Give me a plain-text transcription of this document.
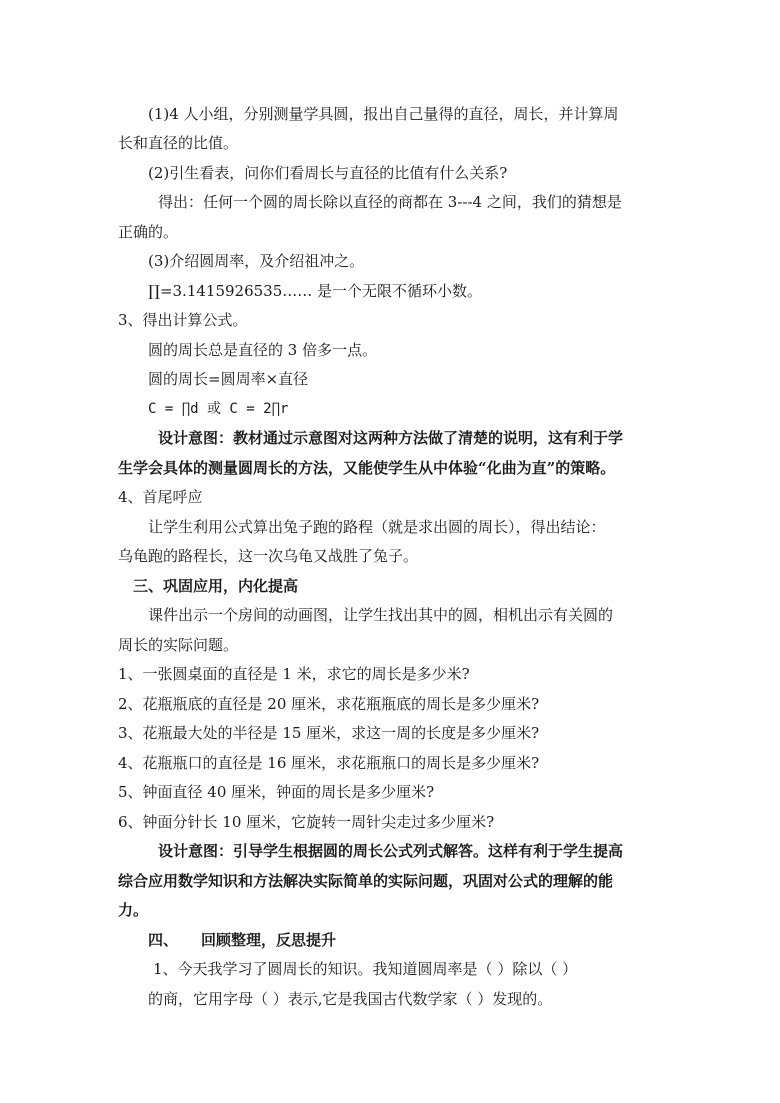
(1)4 人小组，分别测量学具圆，报出自己量得的直径，周长，并计算周
长和直径的比值。
(2)引生看表，问你们看周长与直径的比值有什么关系?
得出：任何一个圆的周长除以直径的商都在 3---4 之间，我们的猜想是
正确的。
(3)介绍圆周率，及介绍祖冲之。
∏=3.1415926535…… 是一个无限不循环小数。
3、得出计算公式。
圆的周长总是直径的 3 倍多一点。
圆的周长=圆周率×直径
C = ∏d 或 C = 2∏r
设计意图：教材通过示意图对这两种方法做了清楚的说明，这有利于学
生学会具体的测量圆周长的方法，又能使学生从中体验“化曲为直”的策略。
4、首尾呼应
让学生利用公式算出兔子跑的路程（就是求出圆的周长），得出结论：
乌龟跑的路程长，这一次乌龟又战胜了兔子。
三、巩固应用，内化提高
课件出示一个房间的动画图，让学生找出其中的圆，相机出示有关圆的
周长的实际问题。
1、一张圆桌面的直径是 1 米，求它的周长是多少米?
2、花瓶瓶底的直径是 20 厘米，求花瓶瓶底的周长是多少厘米?
3、花瓶最大处的半径是 15 厘米，求这一周的长度是多少厘米?
4、花瓶瓶口的直径是 16 厘米，求花瓶瓶口的周长是多少厘米?
5、钟面直径 40 厘米，钟面的周长是多少厘米?
6、钟面分针长 10 厘米，它旋转一周针尖走过多少厘米?
设计意图：引导学生根据圆的周长公式列式解答。这样有利于学生提高
综合应用数学知识和方法解决实际简单的实际问题，巩固对公式的理解的能
力。
四、 回顾整理，反思提升
1、今天我学习了圆周长的知识。我知道圆周率是（ ）除以（ ）
的商，它用字母（ ）表示,它是我国古代数学家（ ）发现的。
